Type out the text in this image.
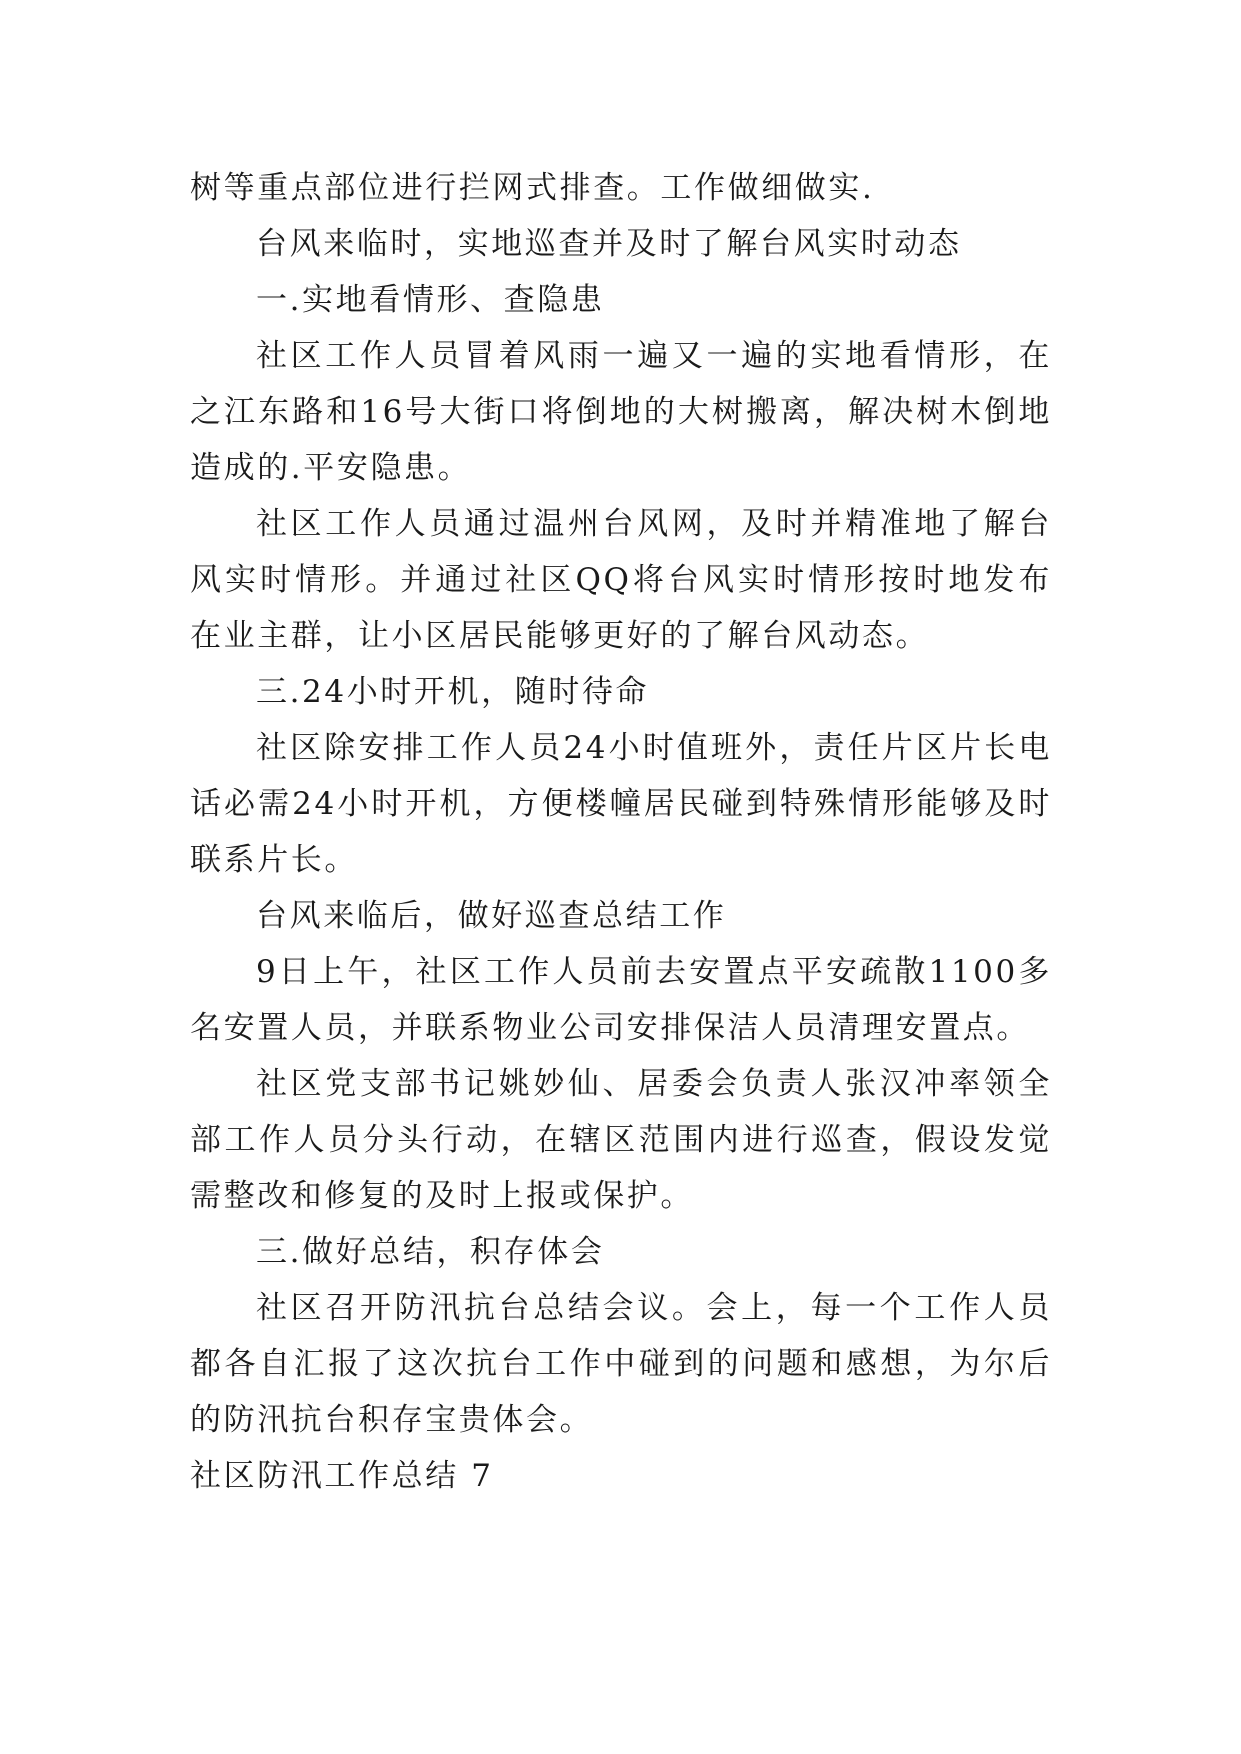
树等重点部位进行拦网式排查。工作做细做实.

台风来临时，实地巡查并及时了解台风实时动态

一.实地看情形、查隐患

社区工作人员冒着风雨一遍又一遍的实地看情形，在之江东路和16号大街口将倒地的大树搬离，解决树木倒地造成的.平安隐患。

社区工作人员通过温州台风网，及时并精准地了解台风实时情形。并通过社区QQ将台风实时情形按时地发布在业主群，让小区居民能够更好的了解台风动态。

三.24小时开机，随时待命

社区除安排工作人员24小时值班外，责任片区片长电话必需24小时开机，方便楼幢居民碰到特殊情形能够及时联系片长。

台风来临后，做好巡查总结工作

9日上午，社区工作人员前去安置点平安疏散1100多名安置人员，并联系物业公司安排保洁人员清理安置点。

社区党支部书记姚妙仙、居委会负责人张汉冲率领全部工作人员分头行动，在辖区范围内进行巡查，假设发觉需整改和修复的及时上报或保护。

三.做好总结，积存体会

社区召开防汛抗台总结会议。会上，每一个工作人员都各自汇报了这次抗台工作中碰到的问题和感想，为尔后的防汛抗台积存宝贵体会。

社区防汛工作总结 7
